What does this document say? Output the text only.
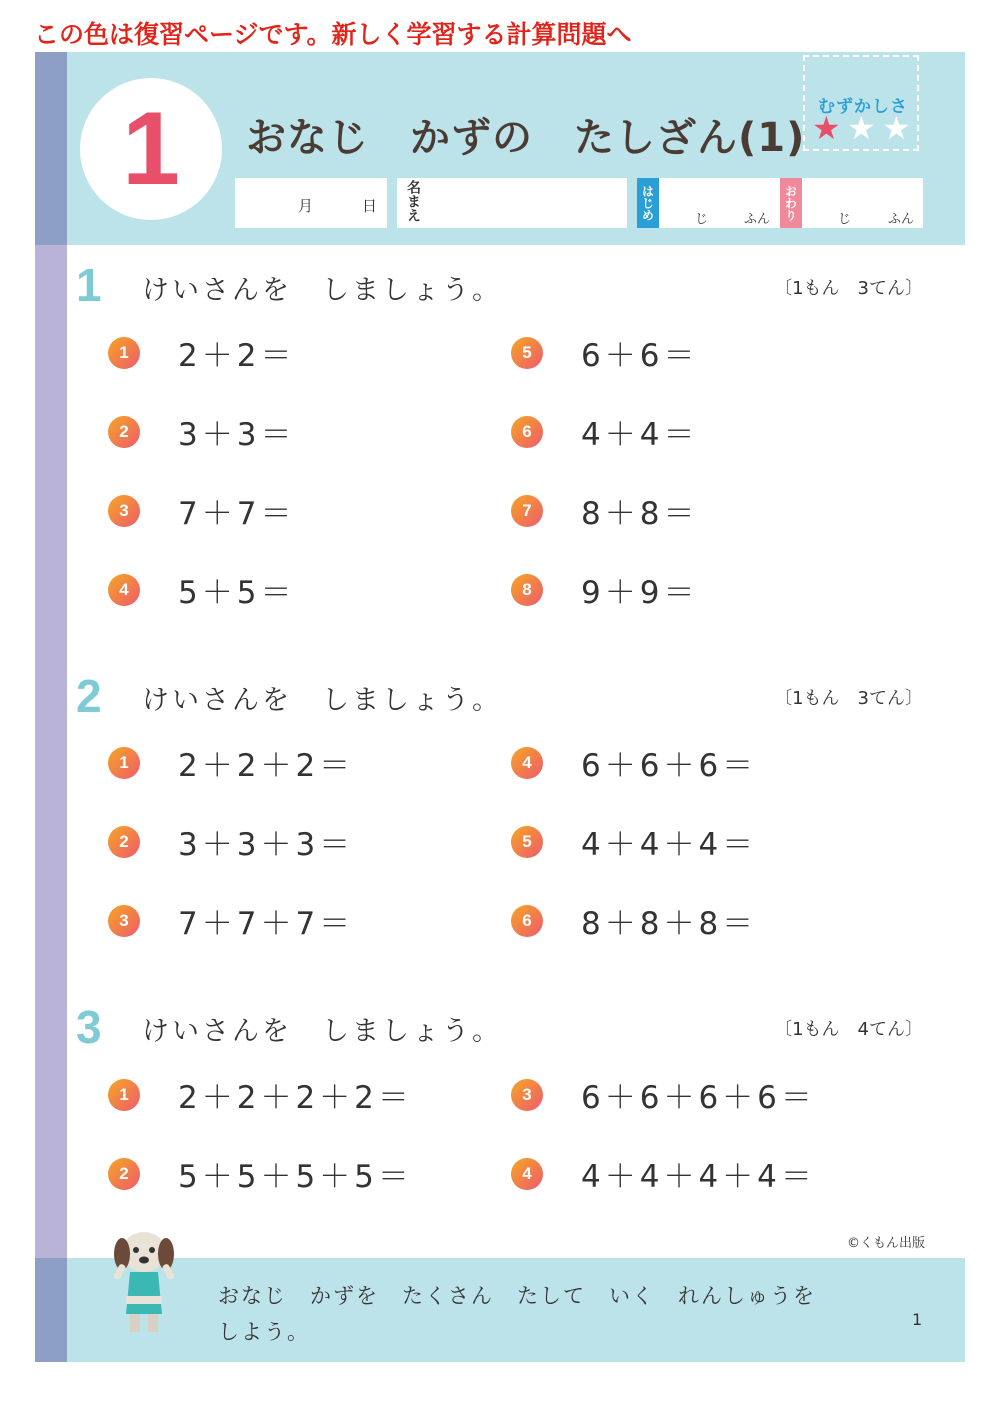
この色は復習ページです。新しく学習する計算問題へ
1 おなじ　かずの　たしざん(1)
むずかしさ
★ ★ ★
月	日 名まえ	はじめ	じ	ふん おわり	じ	ふん
1 けいさんを　しましょう。	〔1もん　3てん〕
1	2＋2＝
2	3＋3＝
3	7＋7＝
4	5＋5＝
5	6＋6＝
6	4＋4＝
7	8＋8＝
8	9＋9＝
2 けいさんを　しましょう。	〔1もん　3てん〕
1	2＋2＋2＝
2	3＋3＋3＝
3	7＋7＋7＝
4	6＋6＋6＝
5	4＋4＋4＝
6	8＋8＋8＝
3 けいさんを　しましょう。	〔1もん　4てん〕
1	2＋2＋2＋2＝
2	5＋5＋5＋5＝
3	6＋6＋6＋6＝
4	4＋4＋4＋4＝
©くもん出版
おなじ　かずを　たくさん　たして　いく　れんしゅうを　しよう。
1
